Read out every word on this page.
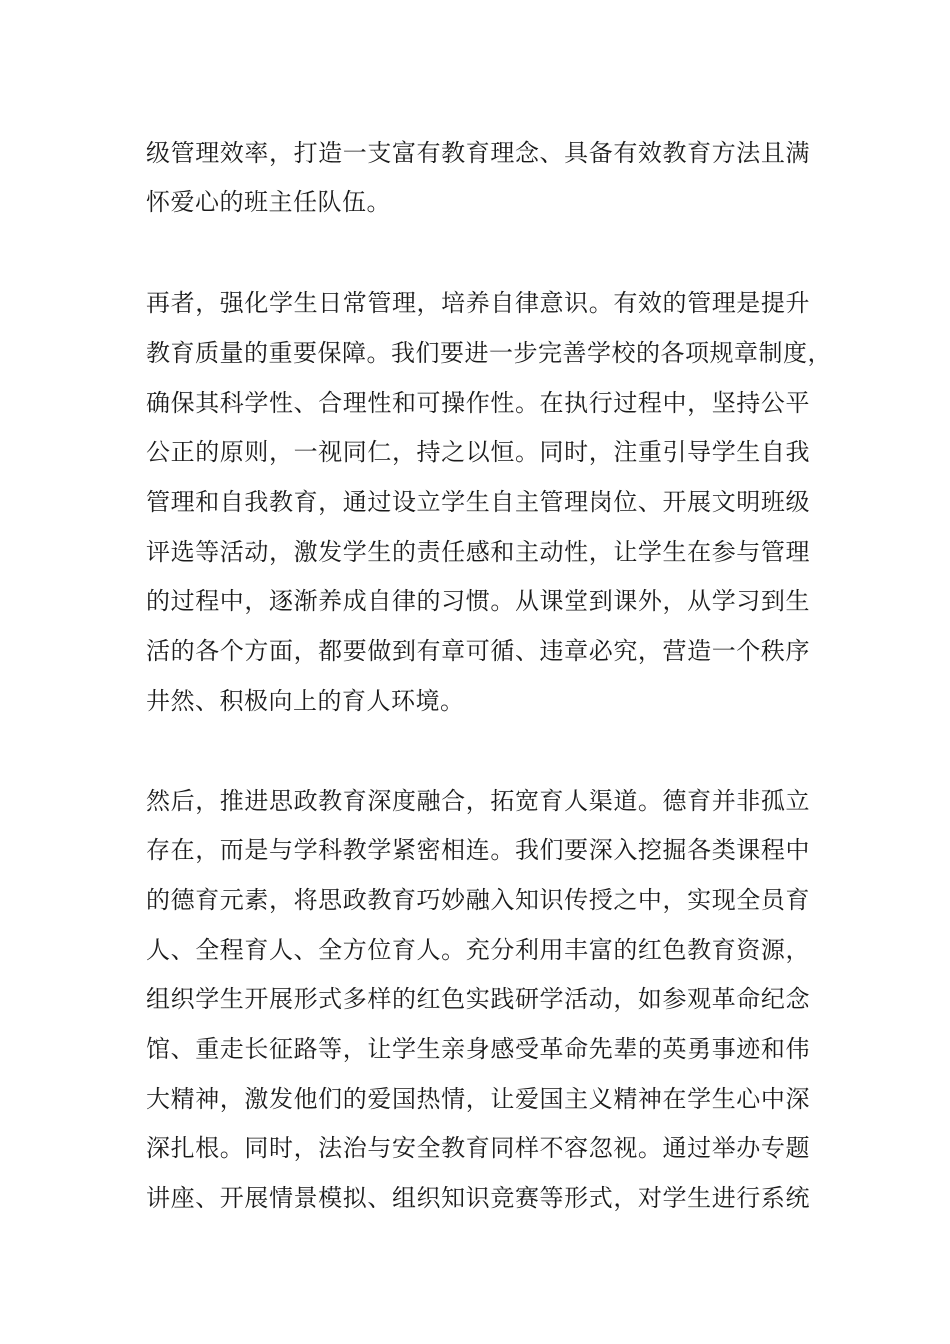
级管理效率，打造一支富有教育理念、具备有效教育方法且满
怀爱心的班主任队伍。
再者，强化学生日常管理，培养自律意识。有效的管理是提升
教育质量的重要保障。我们要进一步完善学校的各项规章制度，
确保其科学性、合理性和可操作性。在执行过程中，坚持公平
公正的原则，一视同仁，持之以恒。同时，注重引导学生自我
管理和自我教育，通过设立学生自主管理岗位、开展文明班级
评选等活动，激发学生的责任感和主动性，让学生在参与管理
的过程中，逐渐养成自律的习惯。从课堂到课外，从学习到生
活的各个方面，都要做到有章可循、违章必究，营造一个秩序
井然、积极向上的育人环境。
然后，推进思政教育深度融合，拓宽育人渠道。德育并非孤立
存在，而是与学科教学紧密相连。我们要深入挖掘各类课程中
的德育元素，将思政教育巧妙融入知识传授之中，实现全员育
人、全程育人、全方位育人。充分利用丰富的红色教育资源，
组织学生开展形式多样的红色实践研学活动，如参观革命纪念
馆、重走长征路等，让学生亲身感受革命先辈的英勇事迹和伟
大精神，激发他们的爱国热情，让爱国主义精神在学生心中深
深扎根。同时，法治与安全教育同样不容忽视。通过举办专题
讲座、开展情景模拟、组织知识竞赛等形式，对学生进行系统
